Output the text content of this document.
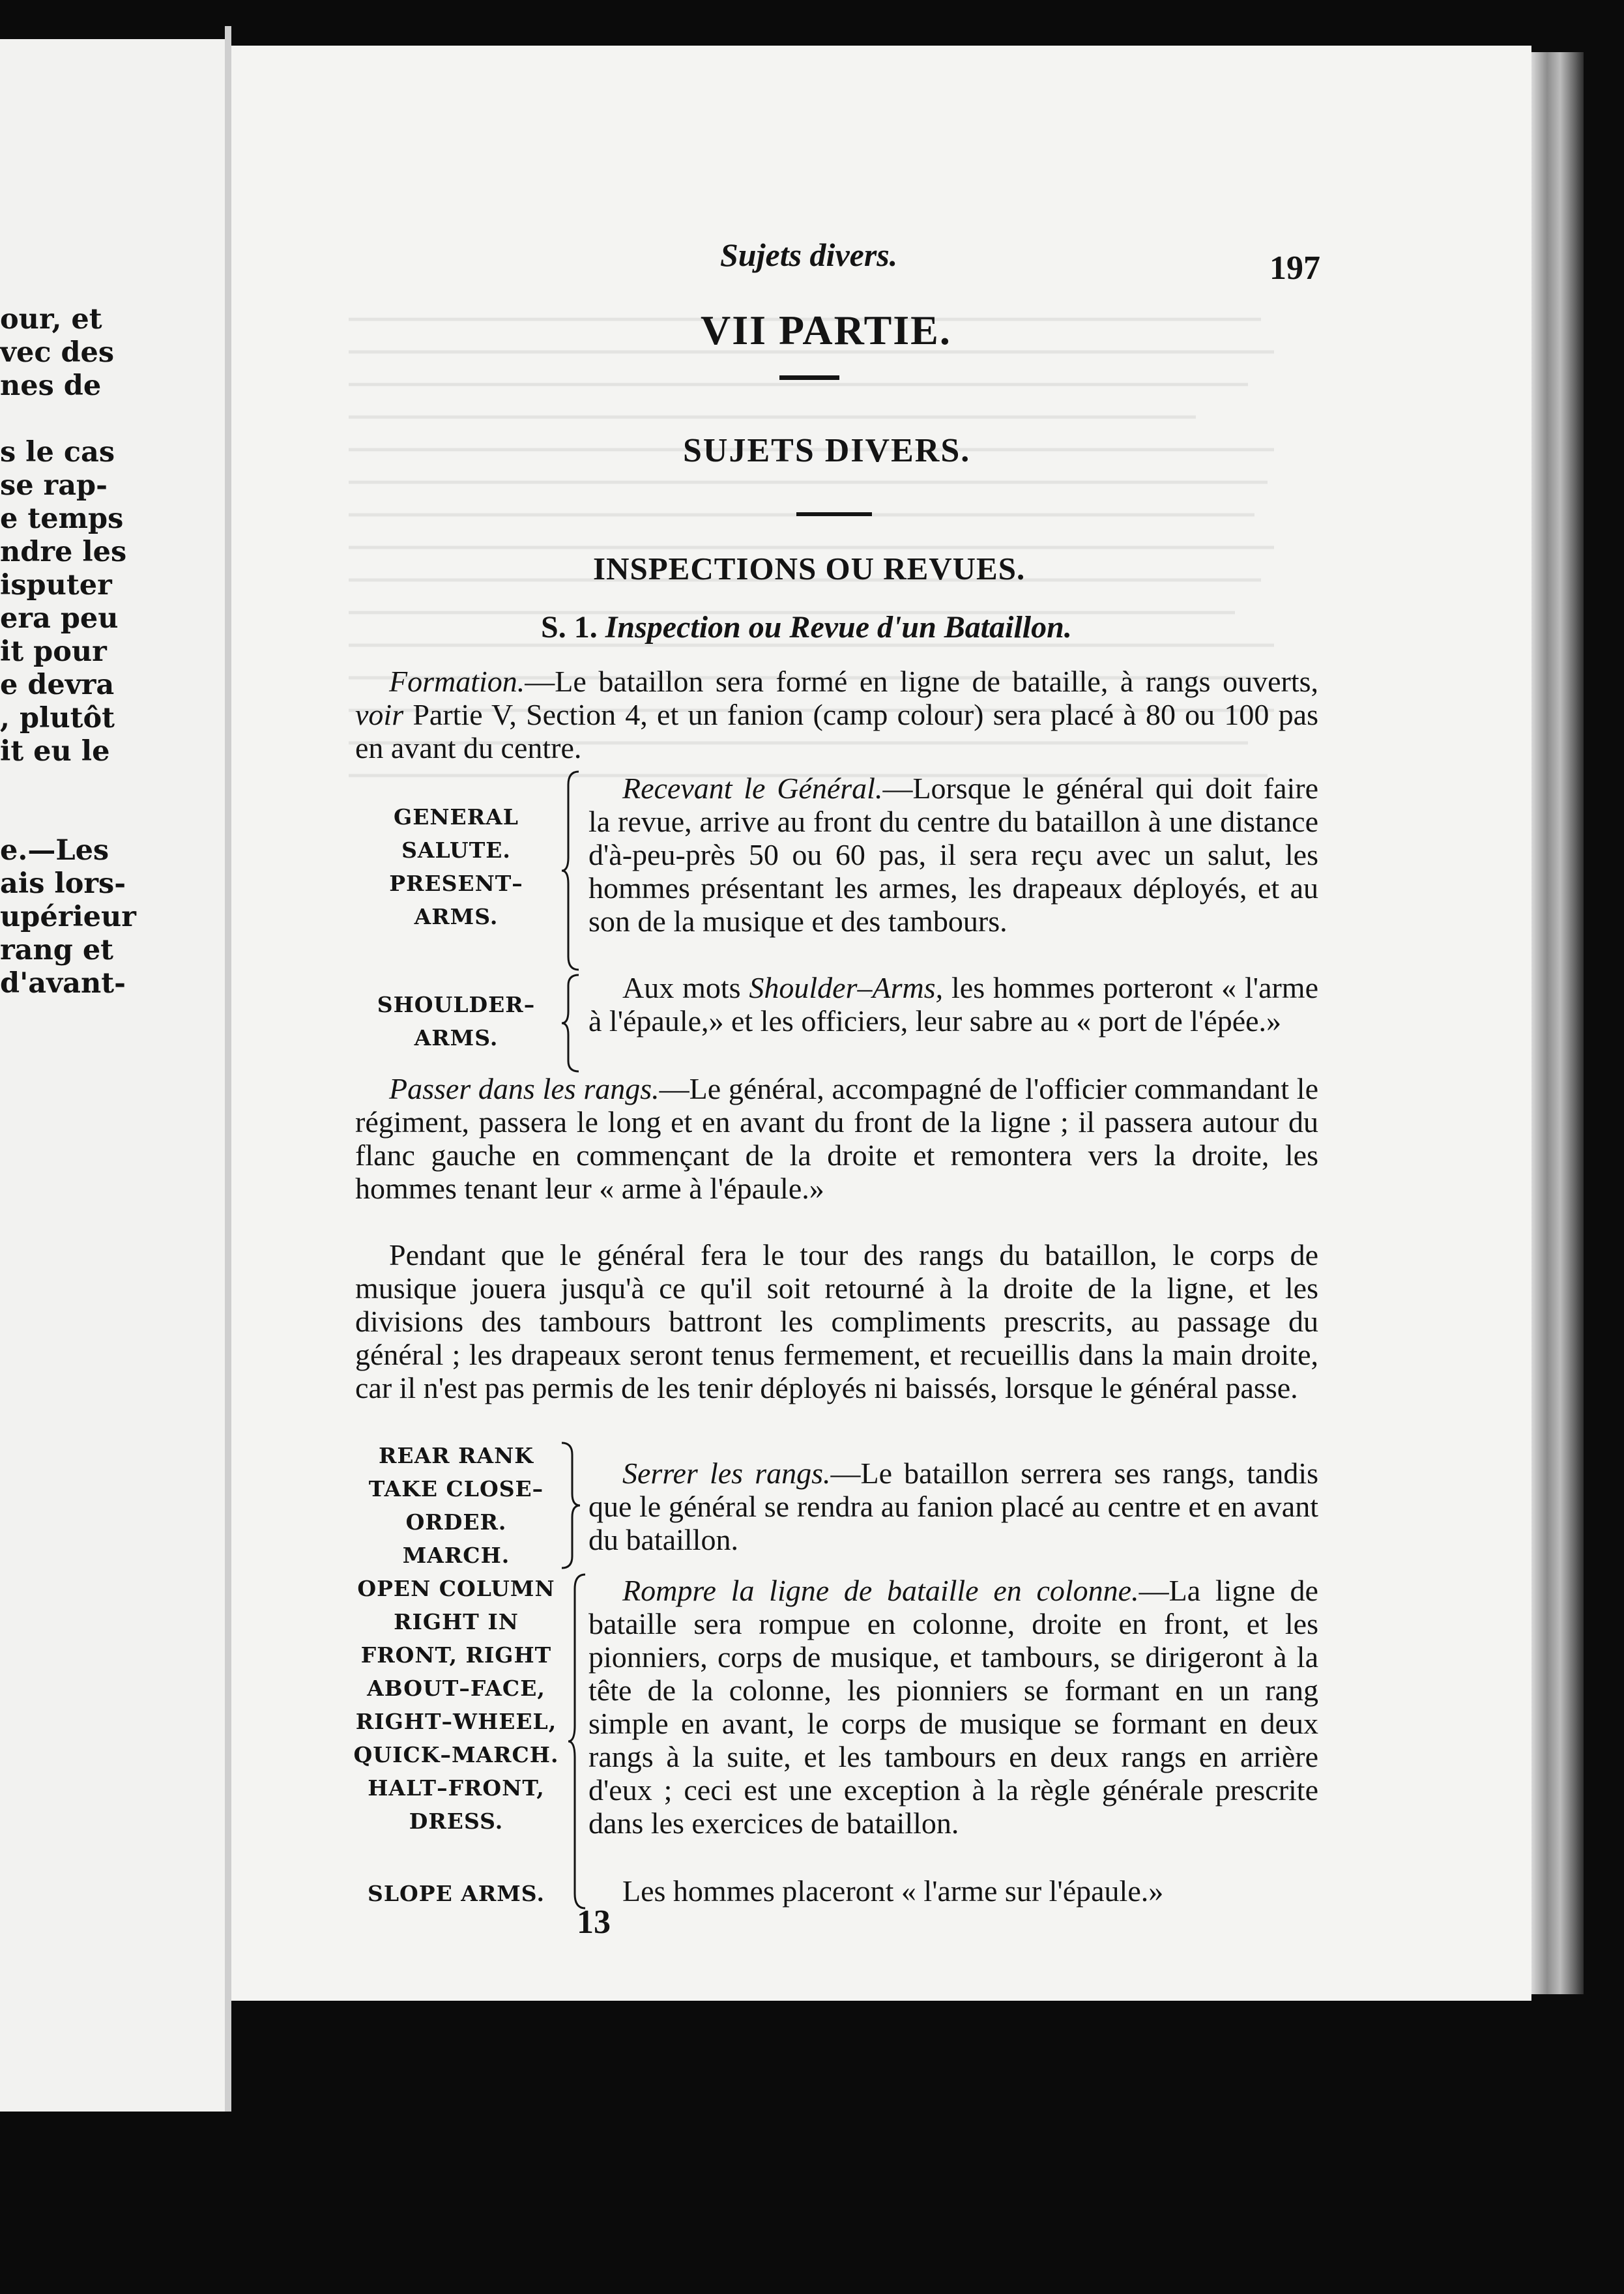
our, et
vec des
nes de
s le cas
se rap-
e temps
ndre les
isputer
era peu
it pour
e devra
, plutôt
it eu le
e.—Les
ais lors-
upérieur
rang et
d'avant-
Sujets divers.	197
VII PARTIE.
SUJETS DIVERS.
INSPECTIONS OU REVUES.
S. 1. Inspection ou Revue d'un Bataillon.
Formation.—Le bataillon sera formé en ligne de bataille, à rangs ouverts, voir Partie V, Section 4, et un fanion (camp colour) sera placé à 80 ou 100 pas en avant du centre.
GENERAL
SALUTE.
PRESENT–
ARMS.
Recevant le Général.—Lorsque le général qui doit faire la revue, arrive au front du centre du bataillon à une distance d'à-peu-près 50 ou 60 pas, il sera reçu avec un salut, les hommes présentant les armes, les drapeaux déployés, et au son de la musique et des tambours.
SHOULDER–
ARMS.
Aux mots Shoulder–Arms, les hommes porteront « l'arme à l'épaule,» et les officiers, leur sabre au « port de l'épée.»
Passer dans les rangs.—Le général, accompagné de l'officier commandant le régiment, passera le long et en avant du front de la ligne ; il passera autour du flanc gauche en commençant de la droite et remontera vers la droite, les hommes tenant leur « arme à l'épaule.»
Pendant que le général fera le tour des rangs du bataillon, le corps de musique jouera jusqu'à ce qu'il soit retourné à la droite de la ligne, et les divisions des tambours battront les compliments prescrits, au passage du général ; les drapeaux seront tenus fermement, et recueillis dans la main droite, car il n'est pas permis de les tenir déployés ni baissés, lorsque le général passe.
REAR RANK
TAKE CLOSE–
ORDER.
MARCH.
Serrer les rangs.—Le bataillon serrera ses rangs, tandis que le général se rendra au fanion placé au centre et en avant du bataillon.
OPEN COLUMN
RIGHT IN
FRONT, RIGHT
ABOUT–FACE,
RIGHT–WHEEL,
QUICK–MARCH.
HALT–FRONT,
DRESS.
Rompre la ligne de bataille en colonne.—La ligne de bataille sera rompue en colonne, droite en front, et les pionniers, corps de musique, et tambours, se dirigeront à la tête de la colonne, les pionniers se formant en un rang simple en avant, le corps de musique se formant en deux rangs à la suite, et les tambours en deux rangs en arrière d'eux ; ceci est une exception à la règle générale prescrite dans les exercices de bataillon.
SLOPE ARMS.	Les hommes placeront « l'arme sur l'épaule.»
13
